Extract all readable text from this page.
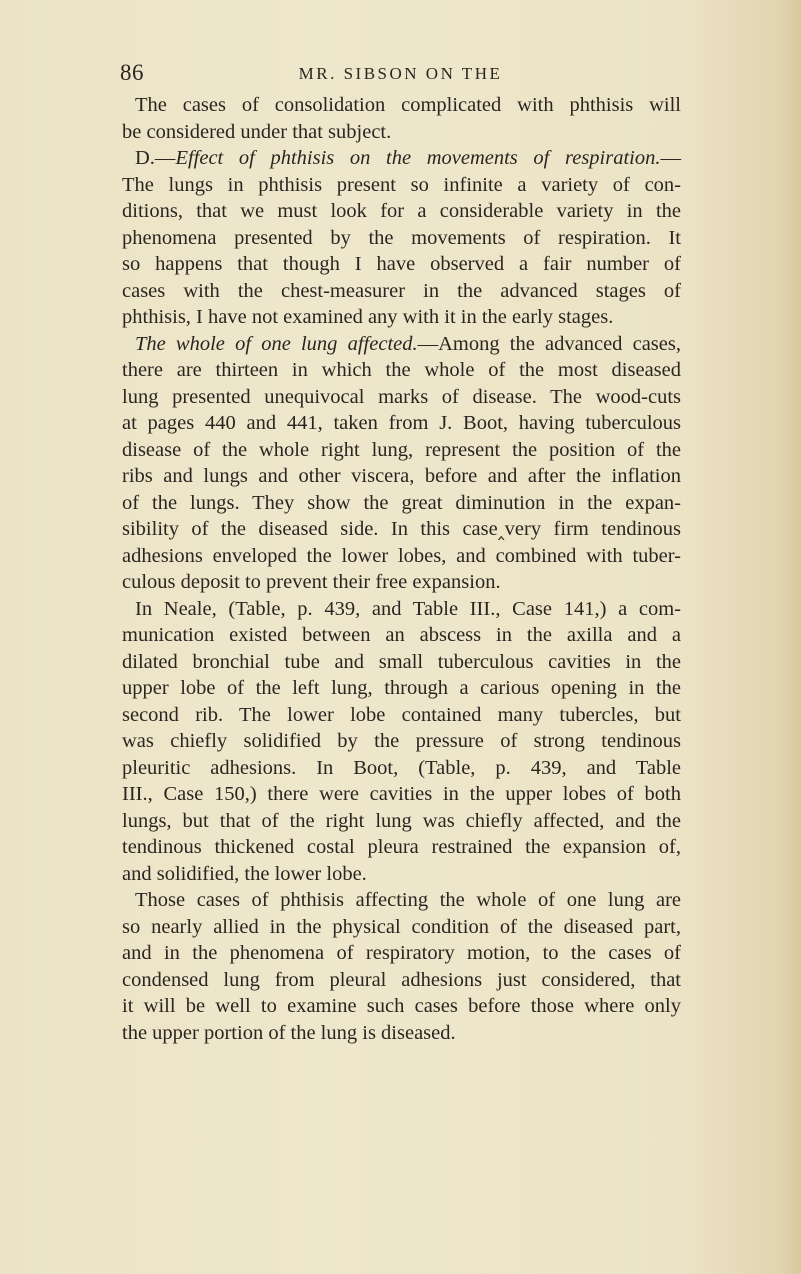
86	MR. SIBSON ON THE
The cases of consolidation complicated with phthisis will
be considered under that subject.
D.—Effect of phthisis on the movements of respiration.—
The lungs in phthisis present so infinite a variety of con-
ditions, that we must look for a considerable variety in the
phenomena presented by the movements of respiration. It
so happens that though I have observed a fair number of
cases with the chest-measurer in the advanced stages of
phthisis, I have not examined any with it in the early stages.
The whole of one lung affected.—Among the advanced cases,
there are thirteen in which the whole of the most diseased
lung presented unequivocal marks of disease. The wood-cuts
at pages 440 and 441, taken from J. Boot, having tuberculous
disease of the whole right lung, represent the position of the
ribs and lungs and other viscera, before and after the inflation
of the lungs. They show the great diminution in the expan-
sibility of the diseased side. In this case‸very firm tendinous
adhesions enveloped the lower lobes, and combined with tuber-
culous deposit to prevent their free expansion.
In Neale, (Table, p. 439, and Table III., Case 141,) a com-
munication existed between an abscess in the axilla and a
dilated bronchial tube and small tuberculous cavities in the
upper lobe of the left lung, through a carious opening in the
second rib. The lower lobe contained many tubercles, but
was chiefly solidified by the pressure of strong tendinous
pleuritic adhesions. In Boot, (Table, p. 439, and Table
III., Case 150,) there were cavities in the upper lobes of both
lungs, but that of the right lung was chiefly affected, and the
tendinous thickened costal pleura restrained the expansion of,
and solidified, the lower lobe.
Those cases of phthisis affecting the whole of one lung are
so nearly allied in the physical condition of the diseased part,
and in the phenomena of respiratory motion, to the cases of
condensed lung from pleural adhesions just considered, that
it will be well to examine such cases before those where only
the upper portion of the lung is diseased.
